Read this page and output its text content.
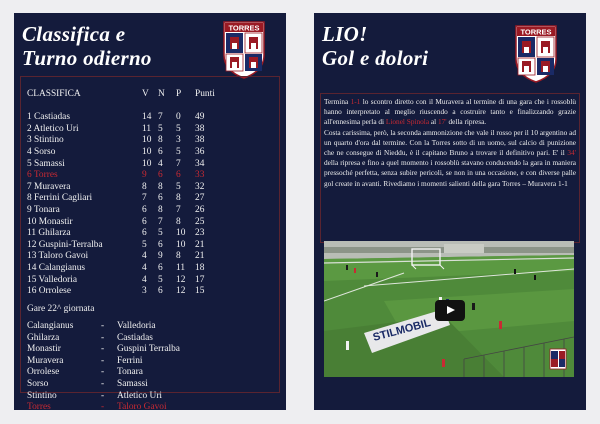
Classifica e
Turno odierno
TORRES
CLASSIFICA	V N P Punti
1 Castiadas	14 7 0 49
2 Atletico Uri	11 5 5 38
3 Stintino	10 8 3 38
4 Sorso	10 6 5 36
5 Samassi	10 4 7 34
6 Torres	9 6 6 33
7 Muravera	8 8 5 32
8 Ferrini Cagliari	7 6 8 27
9 Tonara	6 8 7 26
10 Monastir	6 7 8 25
11 Ghilarza	6 5 10 23
12 Guspini-Terralba	5 6 10 21
13 Taloro Gavoi	4 9 8 21
14 Calangianus	4 6 11 18
15 Valledoria	4 5 12 17
16 Orrolese	3 6 12 15
Gare 22^ giornata
Calangianus	- Valledoria
Ghilarza	- Castiadas
Monastir	- Guspini Terralba
Muravera	- Ferrini
Orrolese	- Tonara
Sorso	- Samassi
Stintino	- Atletico Uri
Torres	- Taloro Gavoi
LIO!
Gol e dolori
TORRES

Termina 1-1 lo scontro diretto con il Muravera al termine di una gara che i rossoblù hanno interpretato al meglio riuscendo a costruire tanto e finalizzando grazie all'ennesima perla di Lionel Spinola al 17' della ripresa.
Costa carissima, però, la seconda ammonizione che vale il rosso per il 10 argentino ad un quarto d'ora dal termine. Con la Torres sotto di un uomo, sul calcio di punizione che ne consegue di Nieddu, è il capitano Bruno a trovare il definitivo pari. E' il 34' della ripresa e fino a quel momento i rossoblù stavano conducendo la gara in maniera pressoché perfetta, senza subire pericoli, se non in una occasione, e con diverse palle gol create in avanti. Rivediamo i momenti salienti della gara Torres – Muravera 1-1

STILMOBIL
